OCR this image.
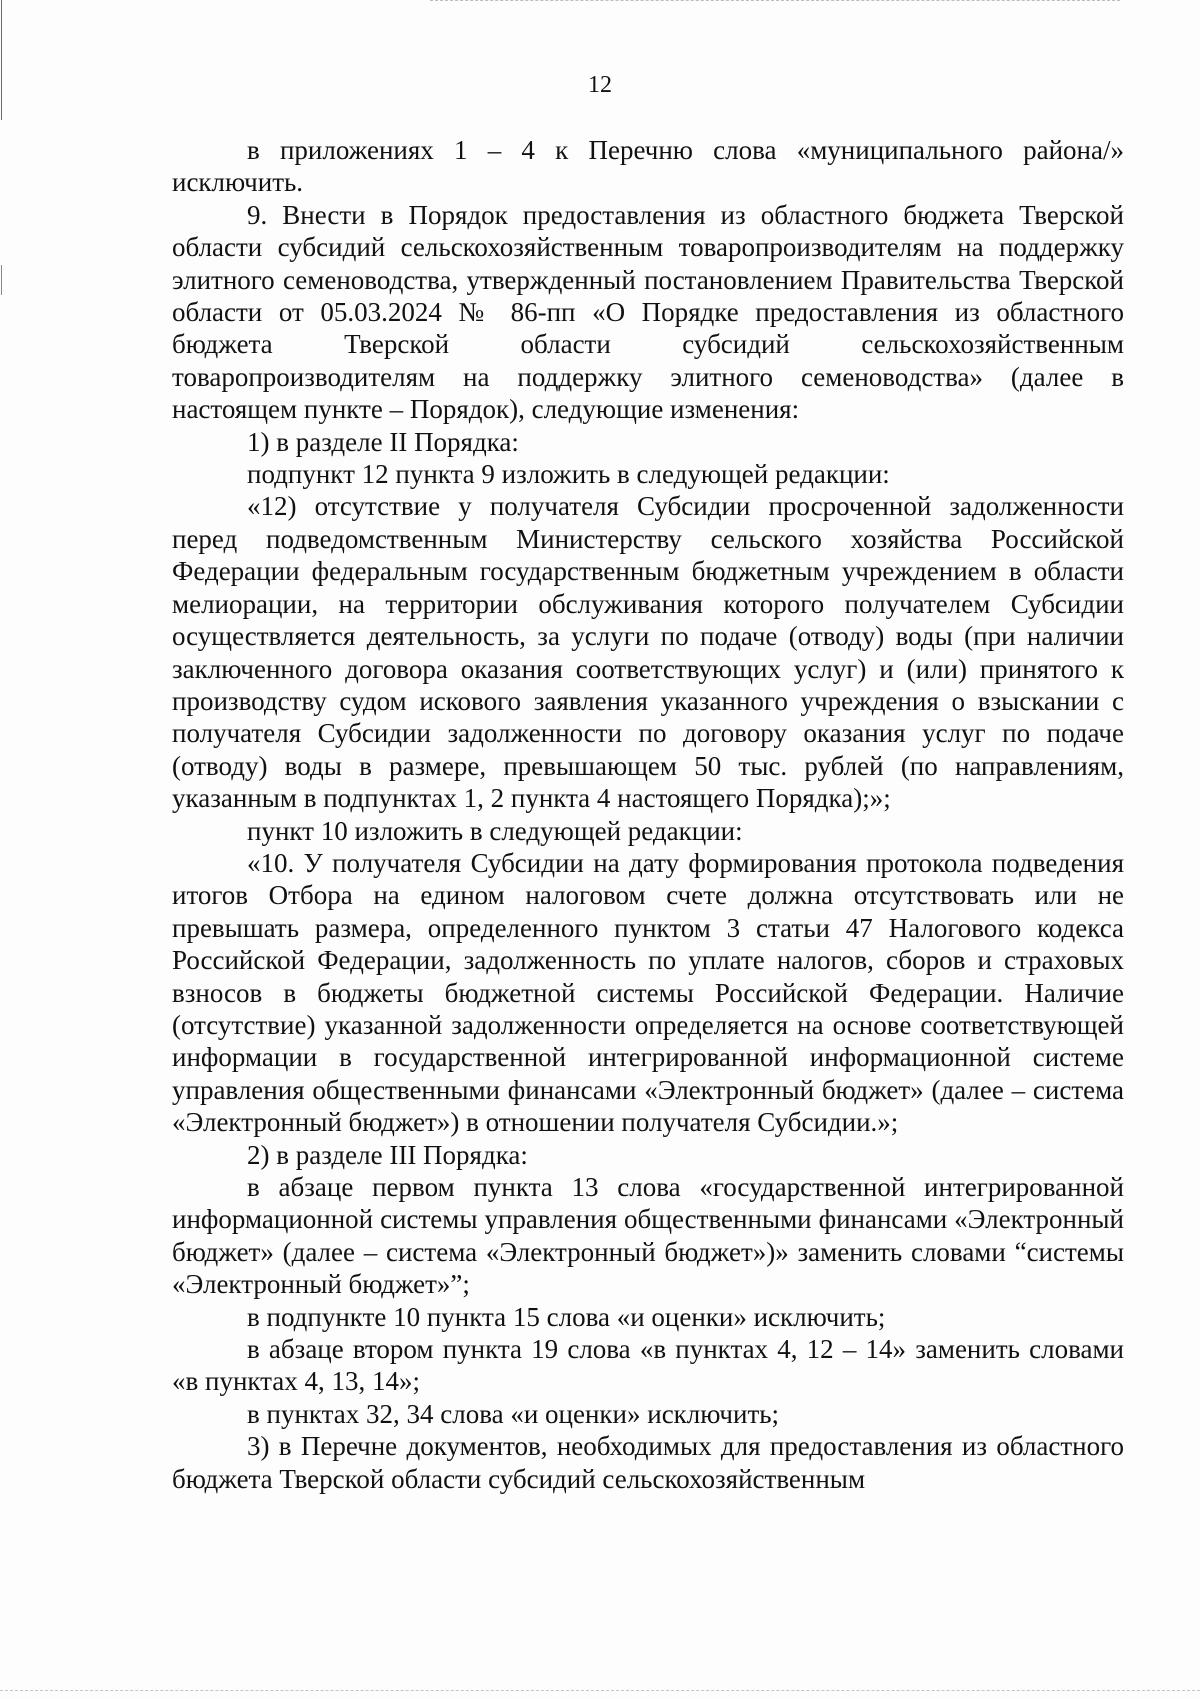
12

в приложениях 1 – 4 к Перечню слова «муниципального района/» исключить.

9. Внести в Порядок предоставления из областного бюджета Тверской области субсидий сельскохозяйственным товаропроизводителям на поддержку элитного семеноводства, утвержденный постановлением Правительства Тверской области от 05.03.2024 № 86-пп «О Порядке предоставления из областного бюджета Тверской области субсидий сельскохозяйственным товаропроизводителям на поддержку элитного семеноводства» (далее в настоящем пункте – Порядок), следующие изменения:

1) в разделе II Порядка:

подпункт 12 пункта 9 изложить в следующей редакции:

«12) отсутствие у получателя Субсидии просроченной задолженности перед подведомственным Министерству сельского хозяйства Российской Федерации федеральным государственным бюджетным учреждением в области мелиорации, на территории обслуживания которого получателем Субсидии осуществляется деятельность, за услуги по подаче (отводу) воды (при наличии заключенного договора оказания соответствующих услуг) и (или) принятого к производству судом искового заявления указанного учреждения о взыскании с получателя Субсидии задолженности по договору оказания услуг по подаче (отводу) воды в размере, превышающем 50 тыс. рублей (по направлениям, указанным в подпунктах 1, 2 пункта 4 настоящего Порядка);»;

пункт 10 изложить в следующей редакции:

«10. У получателя Субсидии на дату формирования протокола подведения итогов Отбора на едином налоговом счете должна отсутствовать или не превышать размера, определенного пунктом 3 статьи 47 Налогового кодекса Российской Федерации, задолженность по уплате налогов, сборов и страховых взносов в бюджеты бюджетной системы Российской Федерации. Наличие (отсутствие) указанной задолженности определяется на основе соответствующей информации в государственной интегрированной информационной системе управления общественными финансами «Электронный бюджет» (далее – система «Электронный бюджет») в отношении получателя Субсидии.»;

2) в разделе III Порядка:

в абзаце первом пункта 13 слова «государственной интегрированной информационной системы управления общественными финансами «Электронный бюджет» (далее – система «Электронный бюджет»)» заменить словами “системы «Электронный бюджет»”;

в подпункте 10 пункта 15 слова «и оценки» исключить;

в абзаце втором пункта 19 слова «в пунктах 4, 12 – 14» заменить словами «в пунктах 4, 13, 14»;

в пунктах 32, 34 слова «и оценки» исключить;

3) в Перечне документов, необходимых для предоставления из областного бюджета Тверской области субсидий сельскохозяйственным
